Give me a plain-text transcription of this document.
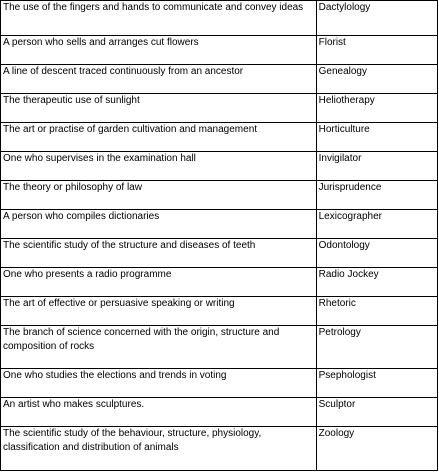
The use of the fingers and hands to communicate and convey ideas	Dactylology
A person who sells and arranges cut flowers	Florist
A line of descent traced continuously from an ancestor	Genealogy
The therapeutic use of sunlight	Heliotherapy
The art or practise of garden cultivation and management	Horticulture
One who supervises in the examination hall	Invigilator
The theory or philosophy of law	Jurisprudence
A person who compiles dictionaries	Lexicographer
The scientific study of the structure and diseases of teeth	Odontology
One who presents a radio programme	Radio Jockey
The art of effective or persuasive speaking or writing	Rhetoric
The branch of science concerned with the origin, structure and composition of rocks	Petrology
One who studies the elections and trends in voting	Psephologist
An artist who makes sculptures.	Sculptor
The scientific study of the behaviour, structure, physiology, classification and distribution of animals	Zoology
